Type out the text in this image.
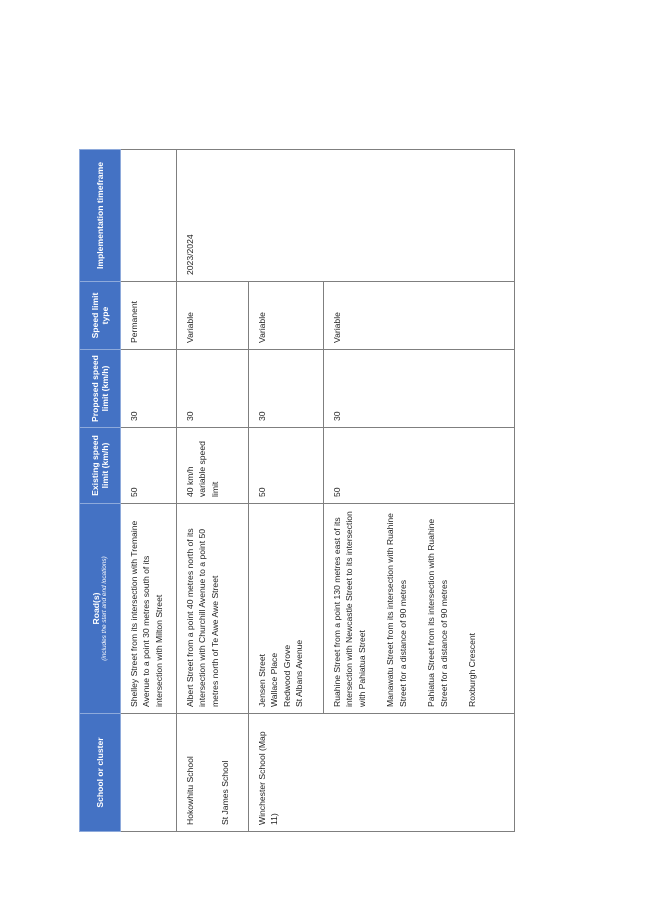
School or cluster	Road(s) (includes the start and end locations)	Existing speed limit (km/h)	Proposed speed limit (km/h)	Speed limit type	Implementation timeframe
	Shelley Street from its intersection with Tremaine Avenue to a point 30 metres south of its intersection with Milton Street	50	30	Permanent	

Hokowhitu School St James School	Albert Street from a point 40 metres north of its intersection with Churchill Avenue to a point 50 metres north of Te Awe Awe Street	40 km/h variable speed limit	30	Variable	2023/2024
Winchester School (Map 11)	Jensen Street Wallace Place Redwood Grove St Albans Avenue	50	30	Variable	

	Ruahine Street from a point 130 metres east of its intersection with Newcastle Street to its intersection with Pahiatua Street Manawatu Street from its intersection with Ruahine Street for a distance of 90 metres Pahiatua Street from its intersection with Ruahine Street for a distance of 90 metres Roxburgh Crescent	50	30	Variable	
